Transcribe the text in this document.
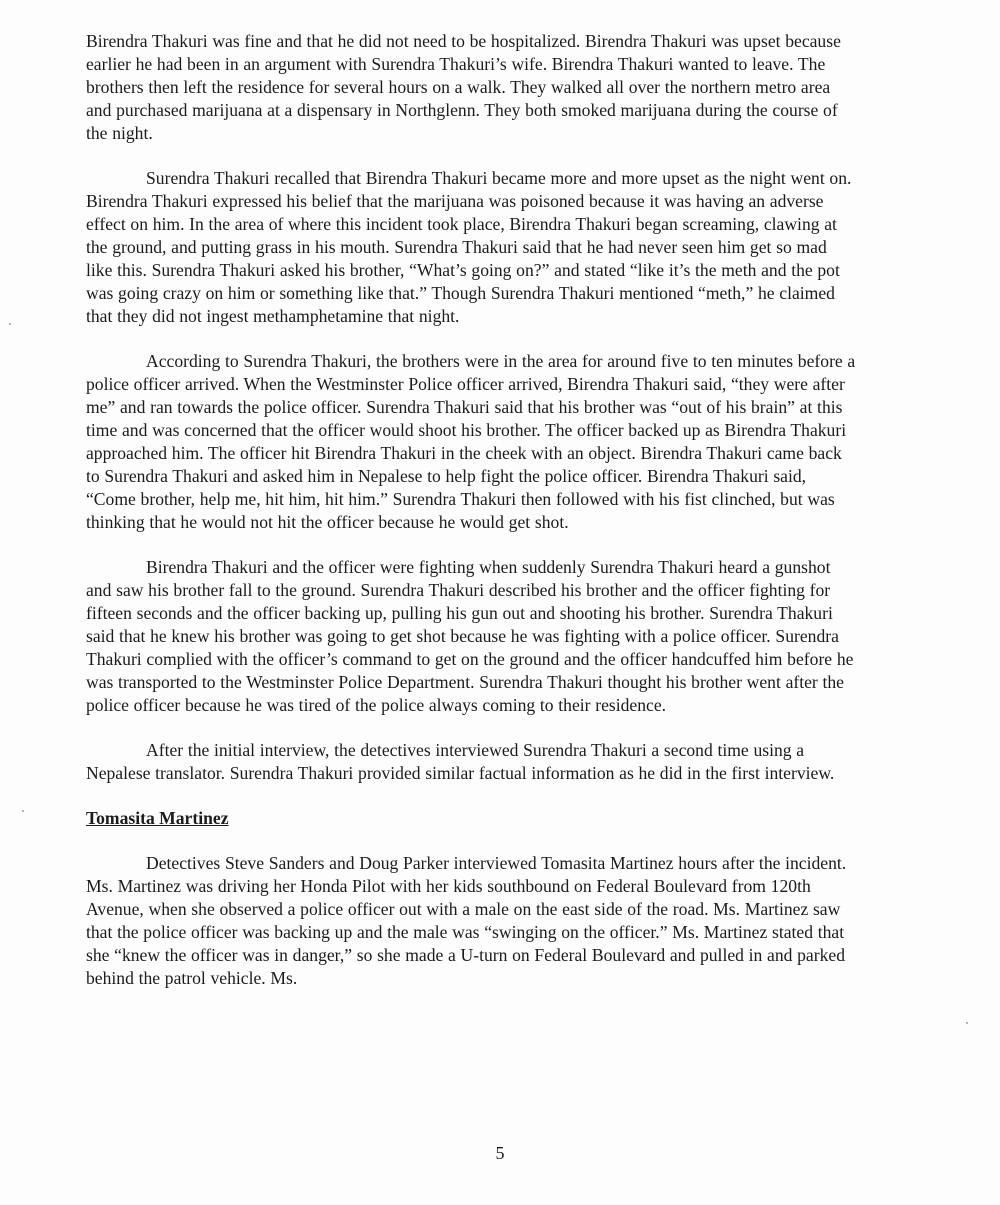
Birendra Thakuri was fine and that he did not need to be hospitalized. Birendra Thakuri was upset because earlier he had been in an argument with Surendra Thakuri’s wife. Birendra Thakuri wanted to leave. The brothers then left the residence for several hours on a walk. They walked all over the northern metro area and purchased marijuana at a dispensary in Northglenn. They both smoked marijuana during the course of the night.

Surendra Thakuri recalled that Birendra Thakuri became more and more upset as the night went on. Birendra Thakuri expressed his belief that the marijuana was poisoned because it was having an adverse effect on him. In the area of where this incident took place, Birendra Thakuri began screaming, clawing at the ground, and putting grass in his mouth. Surendra Thakuri said that he had never seen him get so mad like this. Surendra Thakuri asked his brother, “What’s going on?” and stated “like it’s the meth and the pot was going crazy on him or something like that.” Though Surendra Thakuri mentioned “meth,” he claimed that they did not ingest methamphetamine that night.

According to Surendra Thakuri, the brothers were in the area for around five to ten minutes before a police officer arrived. When the Westminster Police officer arrived, Birendra Thakuri said, “they were after me” and ran towards the police officer. Surendra Thakuri said that his brother was “out of his brain” at this time and was concerned that the officer would shoot his brother. The officer backed up as Birendra Thakuri approached him. The officer hit Birendra Thakuri in the cheek with an object. Birendra Thakuri came back to Surendra Thakuri and asked him in Nepalese to help fight the police officer. Birendra Thakuri said, “Come brother, help me, hit him, hit him.” Surendra Thakuri then followed with his fist clinched, but was thinking that he would not hit the officer because he would get shot.

Birendra Thakuri and the officer were fighting when suddenly Surendra Thakuri heard a gunshot and saw his brother fall to the ground. Surendra Thakuri described his brother and the officer fighting for fifteen seconds and the officer backing up, pulling his gun out and shooting his brother. Surendra Thakuri said that he knew his brother was going to get shot because he was fighting with a police officer. Surendra Thakuri complied with the officer’s command to get on the ground and the officer handcuffed him before he was transported to the Westminster Police Department. Surendra Thakuri thought his brother went after the police officer because he was tired of the police always coming to their residence.

After the initial interview, the detectives interviewed Surendra Thakuri a second time using a Nepalese translator. Surendra Thakuri provided similar factual information as he did in the first interview.

Tomasita Martinez

Detectives Steve Sanders and Doug Parker interviewed Tomasita Martinez hours after the incident. Ms. Martinez was driving her Honda Pilot with her kids southbound on Federal Boulevard from 120th Avenue, when she observed a police officer out with a male on the east side of the road. Ms. Martinez saw that the police officer was backing up and the male was “swinging on the officer.” Ms. Martinez stated that she “knew the officer was in danger,” so she made a U-turn on Federal Boulevard and pulled in and parked behind the patrol vehicle. Ms.

5
